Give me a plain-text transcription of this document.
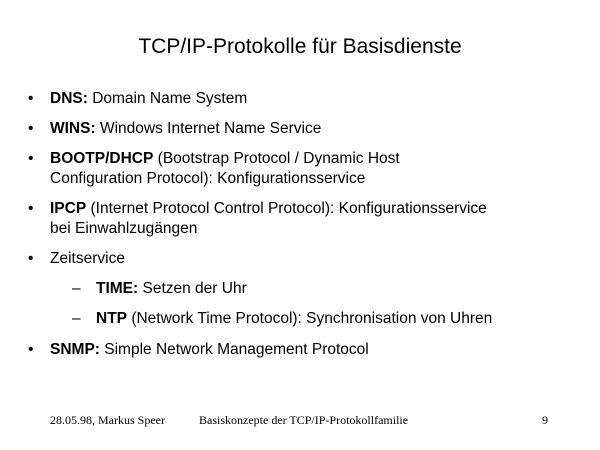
TCP/IP-Protokolle für Basisdienste
• DNS: Domain Name System
• WINS: Windows Internet Name Service
• BOOTP/DHCP (Bootstrap Protocol / Dynamic Host
Configuration Protocol): Konfigurationsservice
• IPCP (Internet Protocol Control Protocol): Konfigurationsservice
bei Einwahlzugängen
• Zeitservice
– TIME: Setzen der Uhr
– NTP (Network Time Protocol): Synchronisation von Uhren
• SNMP: Simple Network Management Protocol
28.05.98, Markus Speer	Basiskonzepte der TCP/IP-Protokollfamilie	9
